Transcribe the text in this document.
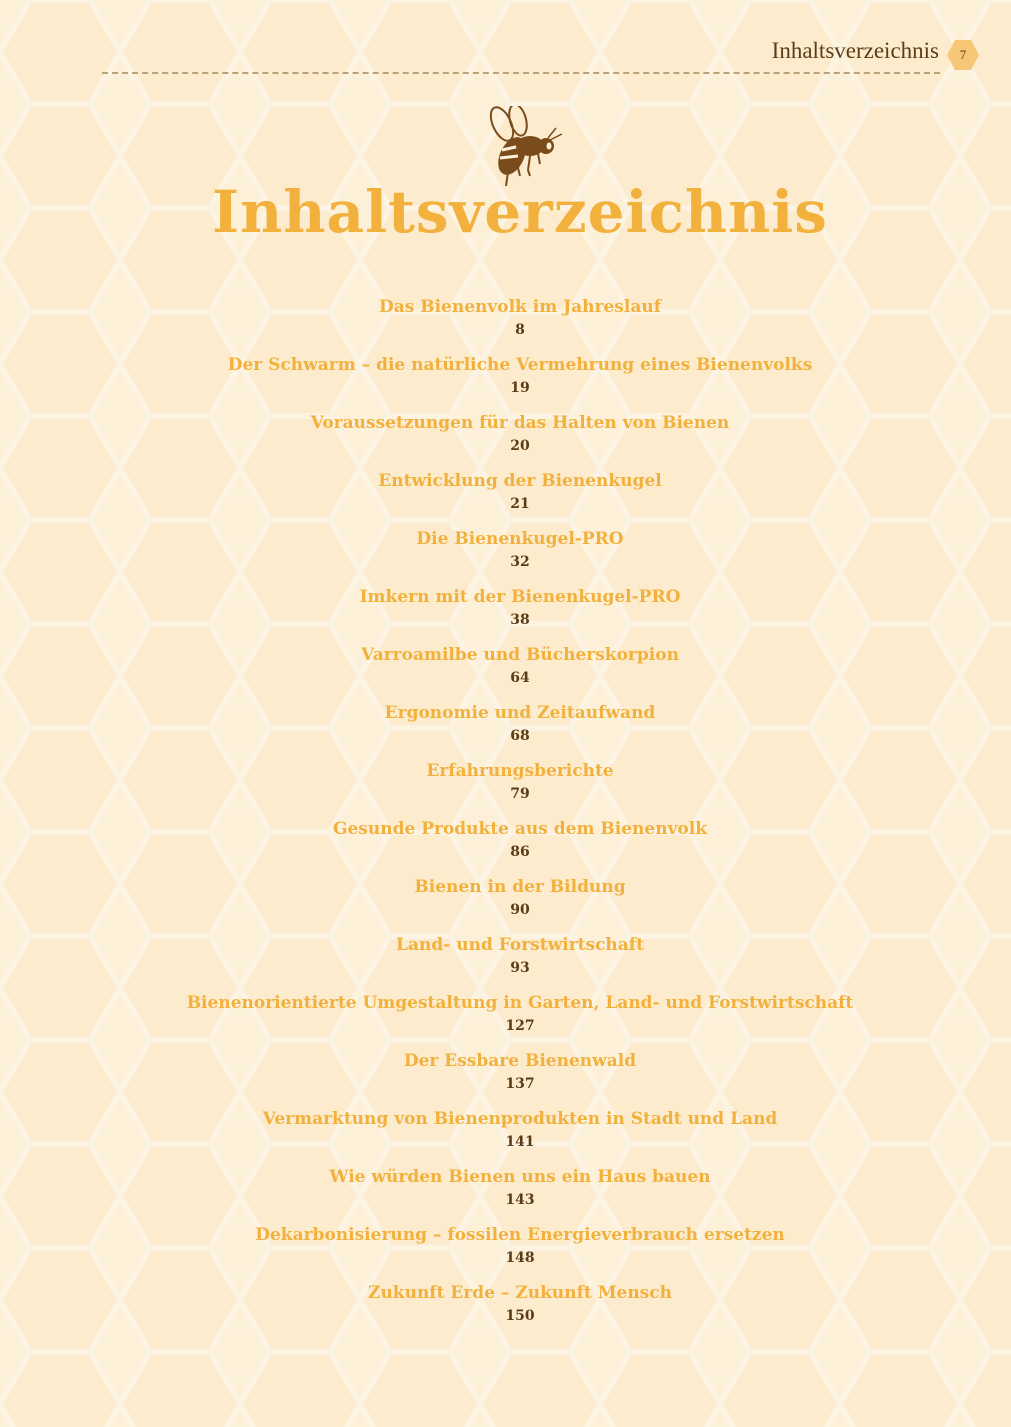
Inhaltsverzeichnis	7
Inhaltsverzeichnis
Das Bienenvolk im Jahreslauf
8
Der Schwarm – die natürliche Vermehrung eines Bienenvolks
19
Voraussetzungen für das Halten von Bienen
20
Entwicklung der Bienenkugel
21
Die Bienenkugel-PRO
32
Imkern mit der Bienenkugel-PRO
38
Varroamilbe und Bücherskorpion
64
Ergonomie und Zeitaufwand
68
Erfahrungsberichte
79
Gesunde Produkte aus dem Bienenvolk
86
Bienen in der Bildung
90
Land- und Forstwirtschaft
93
Bienenorientierte Umgestaltung in Garten, Land- und Forstwirtschaft
127
Der Essbare Bienenwald
137
Vermarktung von Bienenprodukten in Stadt und Land
141
Wie würden Bienen uns ein Haus bauen
143
Dekarbonisierung – fossilen Energieverbrauch ersetzen
148
Zukunft Erde – Zukunft Mensch
150
